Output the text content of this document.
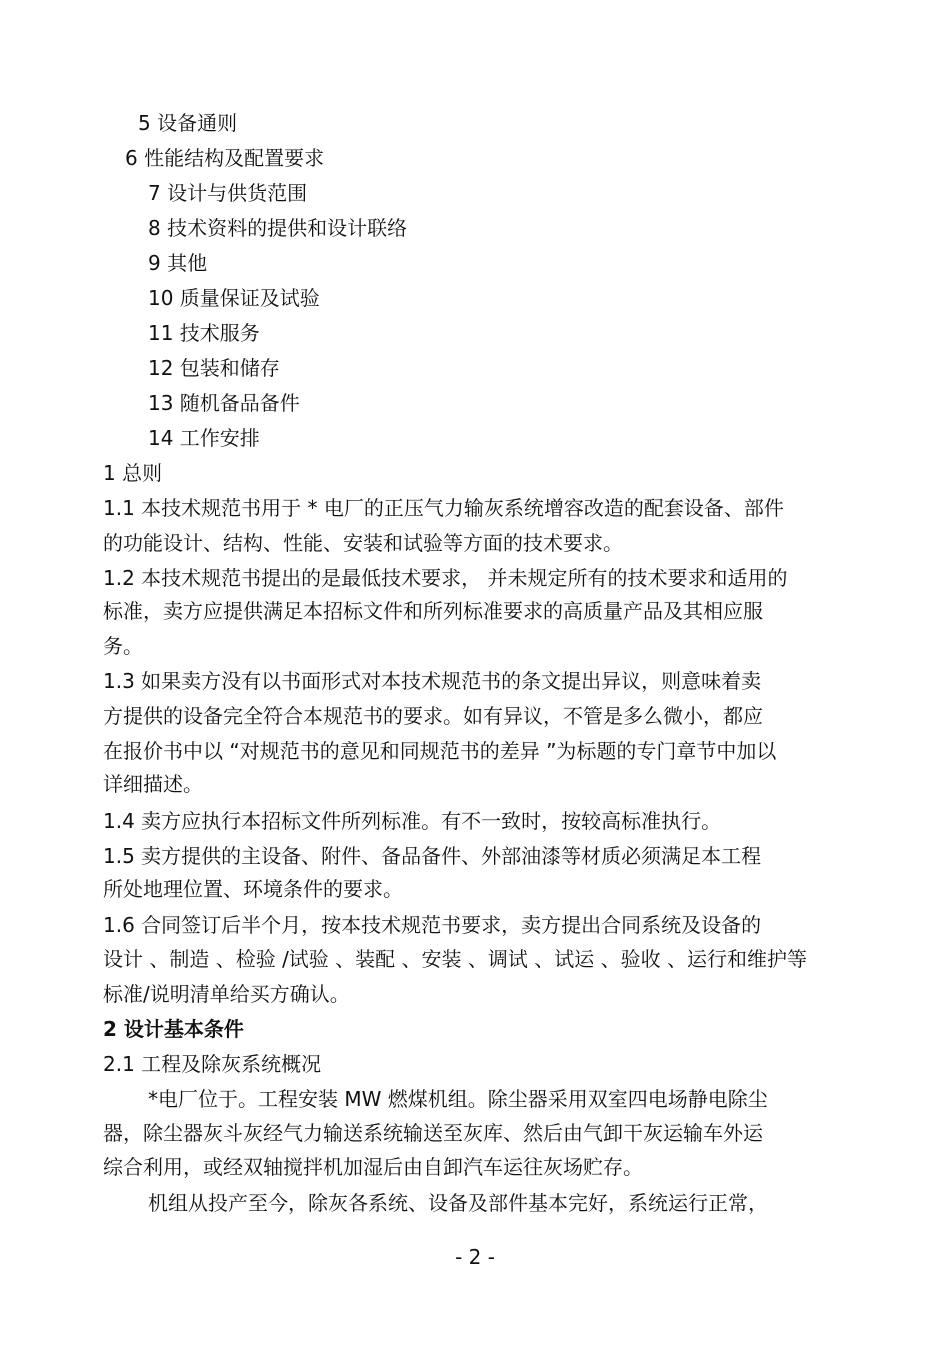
5 设备通则
6 性能结构及配置要求
7 设计与供货范围
8 技术资料的提供和设计联络
9 其他
10 质量保证及试验
11 技术服务
12 包装和储存
13 随机备品备件
14 工作安排
1 总则
1.1 本技术规范书用于 * 电厂的正压气力输灰系统增容改造的配套设备、部件
的功能设计、结构、性能、安装和试验等方面的技术要求。
1.2 本技术规范书提出的是最低技术要求， 并未规定所有的技术要求和适用的
标准，卖方应提供满足本招标文件和所列标准要求的高质量产品及其相应服
务。
1.3 如果卖方没有以书面形式对本技术规范书的条文提出异议，则意味着卖
方提供的设备完全符合本规范书的要求。如有异议，不管是多么微小，都应
在报价书中以 “对规范书的意见和同规范书的差异 ”为标题的专门章节中加以
详细描述。
1.4 卖方应执行本招标文件所列标准。有不一致时，按较高标准执行。
1.5 卖方提供的主设备、附件、备品备件、外部油漆等材质必须满足本工程
所处地理位置、环境条件的要求。
1.6 合同签订后半个月，按本技术规范书要求，卖方提出合同系统及设备的
设计 、制造 、检验 /试验 、装配 、安装 、调试 、试运 、验收 、运行和维护等
标准/说明清单给买方确认。
2 设计基本条件
2.1 工程及除灰系统概况
*电厂位于。工程安装 MW 燃煤机组。除尘器采用双室四电场静电除尘
器，除尘器灰斗灰经气力输送系统输送至灰库、然后由气卸干灰运输车外运
综合利用，或经双轴搅拌机加湿后由自卸汽车运往灰场贮存。
机组从投产至今，除灰各系统、设备及部件基本完好，系统运行正常，
- 2 -
